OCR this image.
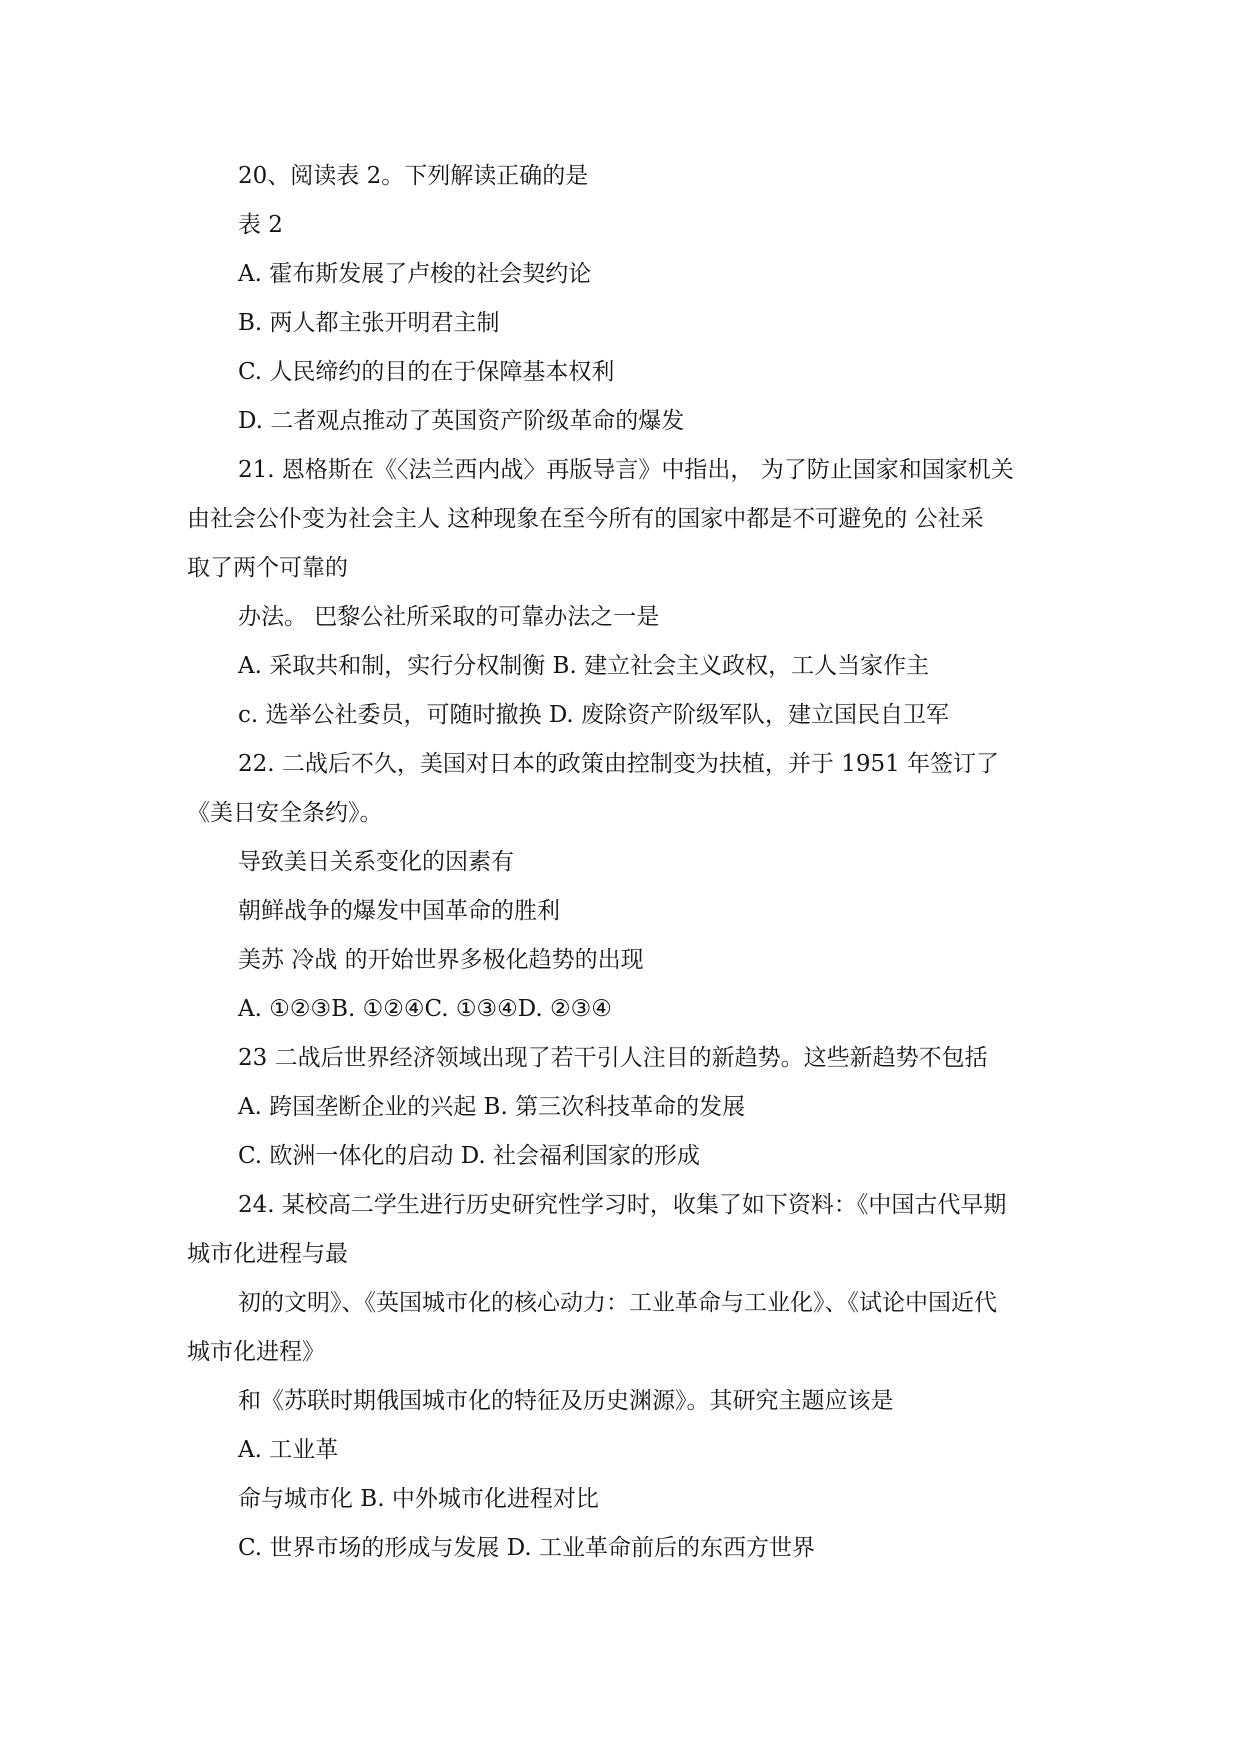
20、阅读表 2。下列解读正确的是
表 2
A. 霍布斯发展了卢梭的社会契约论
B. 两人都主张开明君主制
C. 人民缔约的目的在于保障基本权利
D. 二者观点推动了英国资产阶级革命的爆发
21. 恩格斯在《〈法兰西内战〉再版导言》中指出， 为了防止国家和国家机关
由社会公仆变为社会主人 这种现象在至今所有的国家中都是不可避免的 公社采
取了两个可靠的
办法。 巴黎公社所采取的可靠办法之一是
A. 采取共和制，实行分权制衡 B. 建立社会主义政权，工人当家作主
c. 选举公社委员，可随时撤换 D. 废除资产阶级军队，建立国民自卫军
22. 二战后不久，美国对日本的政策由控制变为扶植，并于 1951 年签订了
《美日安全条约》。
导致美日关系变化的因素有
朝鲜战争的爆发中国革命的胜利
美苏 冷战 的开始世界多极化趋势的出现
A. ①②③B. ①②④C. ①③④D. ②③④
23 二战后世界经济领域出现了若干引人注目的新趋势。这些新趋势不包括
A. 跨国垄断企业的兴起 B. 第三次科技革命的发展
C. 欧洲一体化的启动 D. 社会福利国家的形成
24. 某校高二学生进行历史研究性学习时，收集了如下资料：《中国古代早期
城市化进程与最
初的文明》、《英国城市化的核心动力：工业革命与工业化》、《试论中国近代
城市化进程》
和《苏联时期俄国城市化的特征及历史渊源》。其研究主题应该是
A. 工业革
命与城市化 B. 中外城市化进程对比
C. 世界市场的形成与发展 D. 工业革命前后的东西方世界
